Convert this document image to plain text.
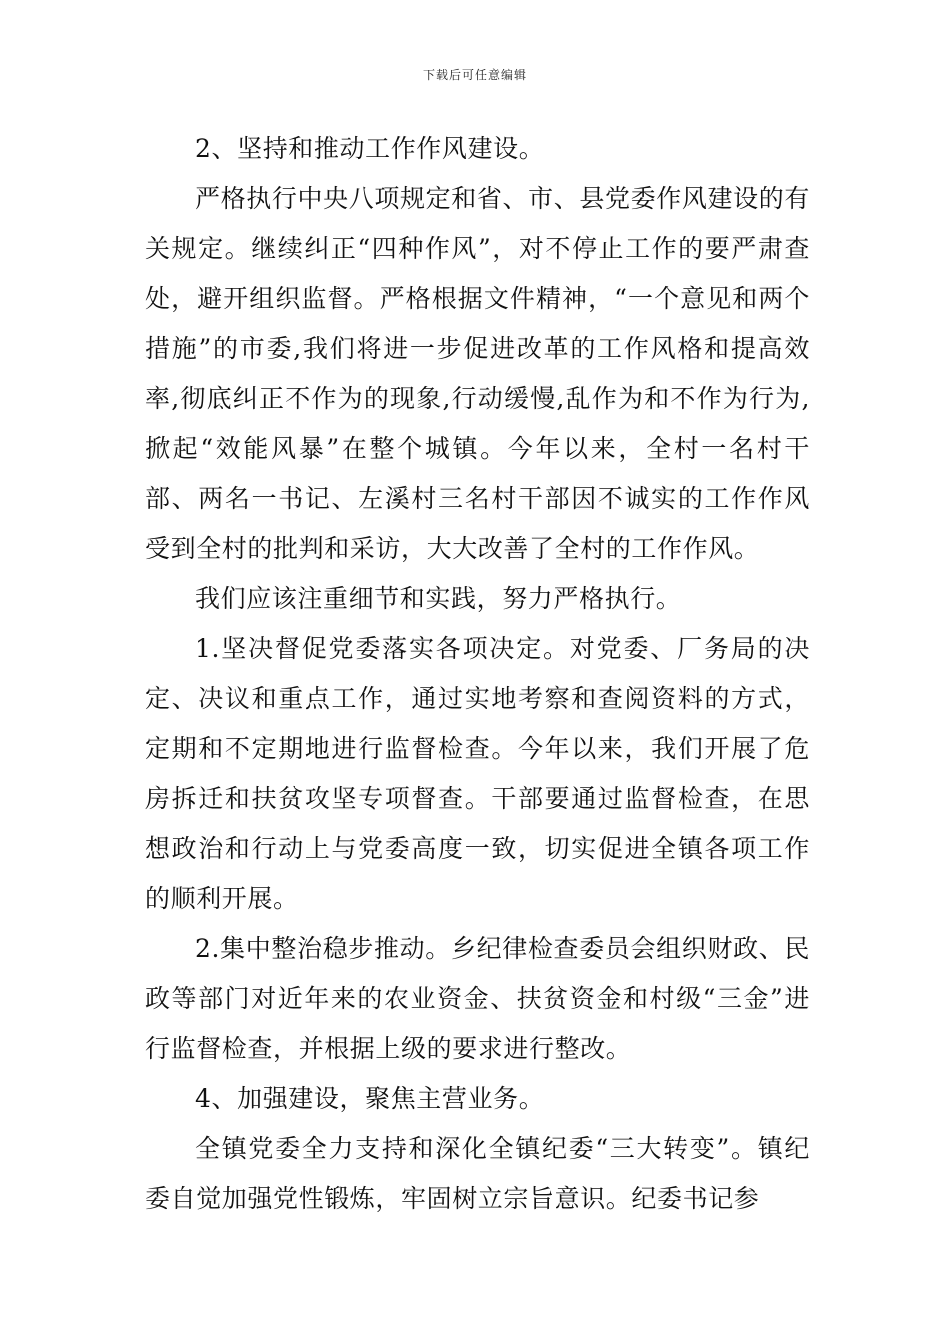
下载后可任意编辑

2、坚持和推动工作作风建设。

严格执行中央八项规定和省、市、县党委作风建设的有关规定。继续纠正“四种作风”，对不停止工作的要严肃查处，避开组织监督。严格根据文件精神，“一个意见和两个措施”的市委,我们将进一步促进改革的工作风格和提高效率,彻底纠正不作为的现象,行动缓慢,乱作为和不作为行为,掀起“效能风暴”在整个城镇。今年以来，全村一名村干部、两名一书记、左溪村三名村干部因不诚实的工作作风受到全村的批判和采访，大大改善了全村的工作作风。

我们应该注重细节和实践，努力严格执行。

1.坚决督促党委落实各项决定。对党委、厂务局的决定、决议和重点工作，通过实地考察和查阅资料的方式，定期和不定期地进行监督检查。今年以来，我们开展了危房拆迁和扶贫攻坚专项督查。干部要通过监督检查，在思想政治和行动上与党委高度一致，切实促进全镇各项工作的顺利开展。

2.集中整治稳步推动。乡纪律检查委员会组织财政、民政等部门对近年来的农业资金、扶贫资金和村级“三金”进行监督检查，并根据上级的要求进行整改。

4、加强建设，聚焦主营业务。

全镇党委全力支持和深化全镇纪委“三大转变”。镇纪委自觉加强党性锻炼，牢固树立宗旨意识。纪委书记参
